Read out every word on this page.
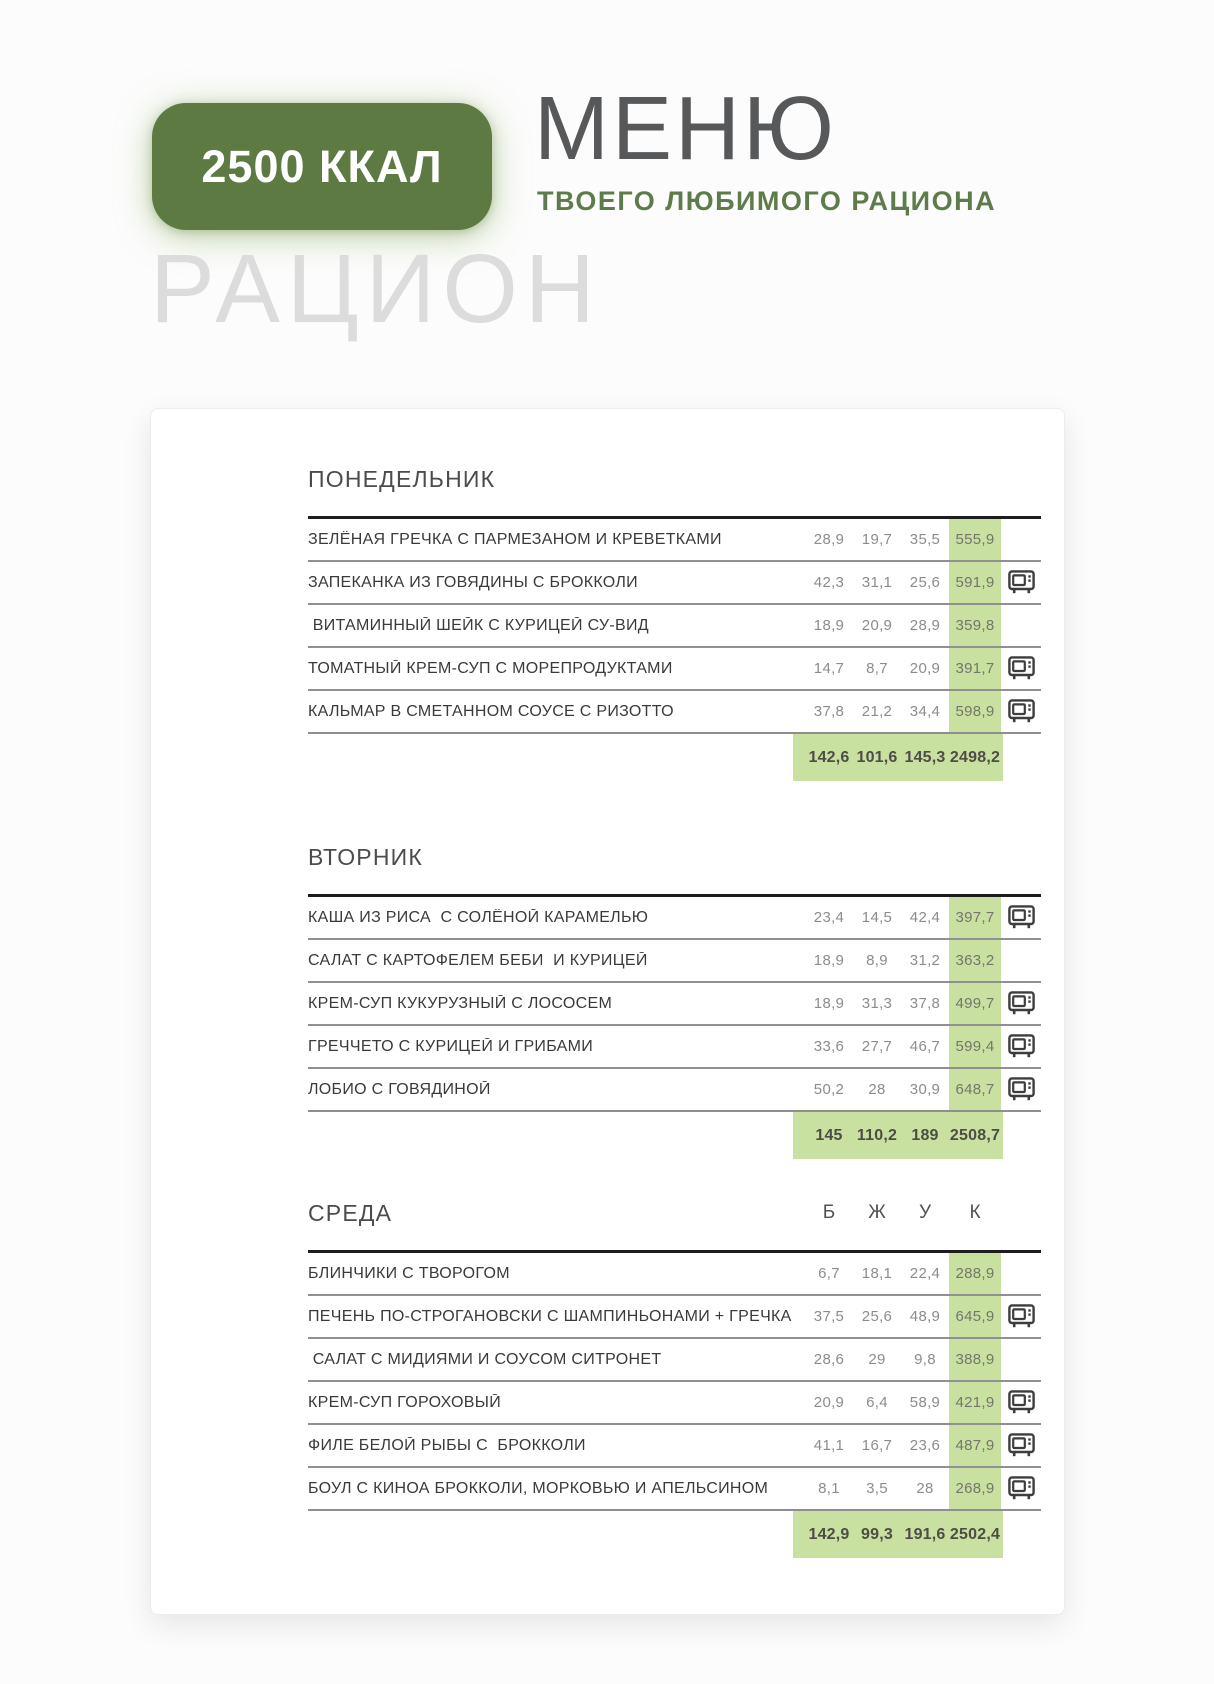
2500 ККАЛ МЕНЮ
ТВОЕГО ЛЮБИМОГО РАЦИОНА
РАЦИОН
ПОНЕДЕЛЬНИК
ЗЕЛЁНАЯ ГРЕЧКА С ПАРМЕЗАНОМ И КРЕВЕТКАМИ	28,9	19,7	35,5	555,9
ЗАПЕКАНКА ИЗ ГОВЯДИНЫ С БРОККОЛИ	42,3	31,1	25,6	591,9
ВИТАМИННЫЙ ШЕЙК С КУРИЦЕЙ СУ-ВИД	18,9	20,9	28,9	359,8
ТОМАТНЫЙ КРЕМ-СУП С МОРЕПРОДУКТАМИ	14,7	8,7	20,9	391,7
КАЛЬМАР В СМЕТАННОМ СОУСЕ С РИЗОТТО	37,8	21,2	34,4	598,9
142,6 101,6 145,3 2498,2
ВТОРНИК
КАША ИЗ РИСА  С СОЛЁНОЙ КАРАМЕЛЬЮ	23,4	14,5	42,4	397,7
САЛАТ С КАРТОФЕЛЕМ БЕБИ  И КУРИЦЕЙ	18,9	8,9	31,2	363,2
КРЕМ-СУП КУКУРУЗНЫЙ С ЛОСОСЕМ	18,9	31,3	37,8	499,7
ГРЕЧЧЕТО С КУРИЦЕЙ И ГРИБАМИ	33,6	27,7	46,7	599,4
ЛОБИО С ГОВЯДИНОЙ	50,2	28	30,9	648,7
145 110,2 189 2508,7
СРЕДА	Б	Ж	У	К
БЛИНЧИКИ С ТВОРОГОМ	6,7	18,1	22,4	288,9
ПЕЧЕНЬ ПО-СТРОГАНОВСКИ С ШАМПИНЬОНАМИ + ГРЕЧКА	37,5	25,6	48,9	645,9
САЛАТ С МИДИЯМИ И СОУСОМ СИТРОНЕТ	28,6	29	9,8	388,9
КРЕМ-СУП ГОРОХОВЫЙ	20,9	6,4	58,9	421,9
ФИЛЕ БЕЛОЙ РЫБЫ С  БРОККОЛИ	41,1	16,7	23,6	487,9
БОУЛ С КИНОА БРОККОЛИ, МОРКОВЬЮ И АПЕЛЬСИНОМ	8,1	3,5	28	268,9
142,9 99,3 191,6 2502,4
